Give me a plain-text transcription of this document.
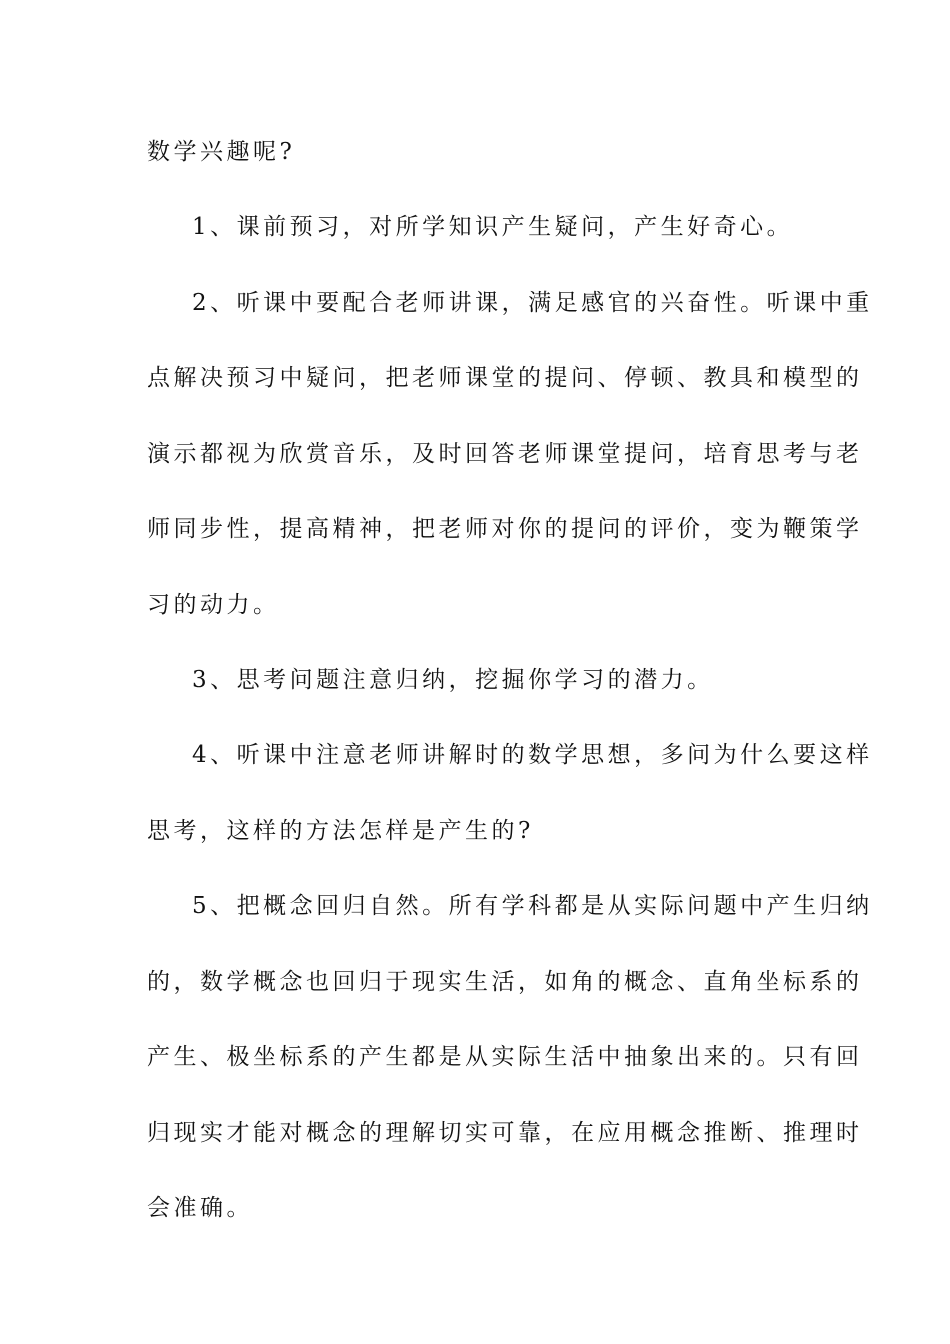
数学兴趣呢?
1、课前预习，对所学知识产生疑问，产生好奇心。
2、听课中要配合老师讲课，满足感官的兴奋性。听课中重
点解决预习中疑问，把老师课堂的提问、停顿、教具和模型的
演示都视为欣赏音乐，及时回答老师课堂提问，培育思考与老
师同步性，提高精神，把老师对你的提问的评价，变为鞭策学
习的动力。
3、思考问题注意归纳，挖掘你学习的潜力。
4、听课中注意老师讲解时的数学思想，多问为什么要这样
思考，这样的方法怎样是产生的?
5、把概念回归自然。所有学科都是从实际问题中产生归纳
的，数学概念也回归于现实生活，如角的概念、直角坐标系的
产生、极坐标系的产生都是从实际生活中抽象出来的。只有回
归现实才能对概念的理解切实可靠，在应用概念推断、推理时
会准确。
